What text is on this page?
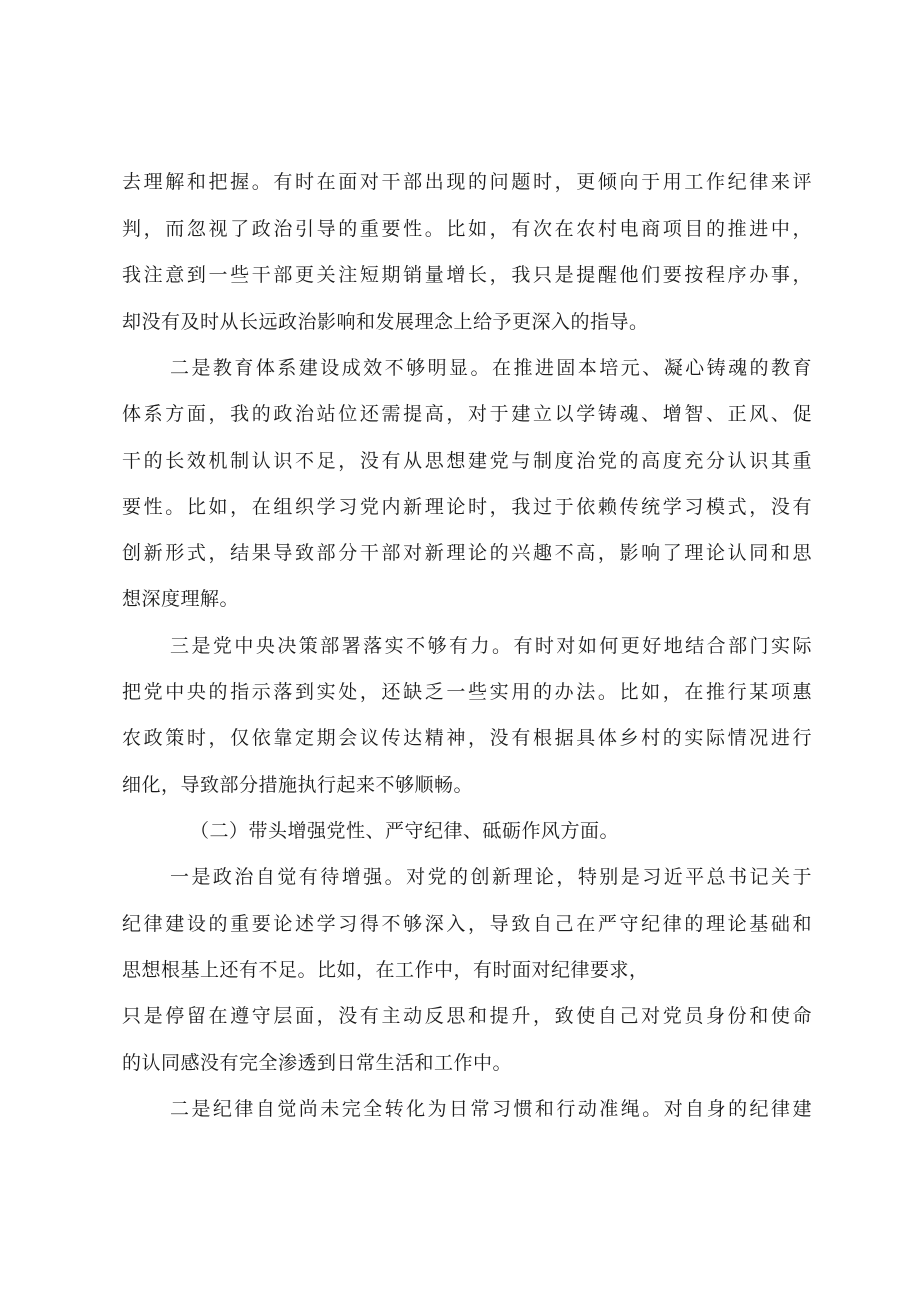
去理解和把握。有时在面对干部出现的问题时，更倾向于用工作纪律来评
判，而忽视了政治引导的重要性。比如，有次在农村电商项目的推进中，
我注意到一些干部更关注短期销量增长，我只是提醒他们要按程序办事，
却没有及时从长远政治影响和发展理念上给予更深入的指导。
二是教育体系建设成效不够明显。在推进固本培元、凝心铸魂的教育
体系方面，我的政治站位还需提高，对于建立以学铸魂、增智、正风、促
干的长效机制认识不足，没有从思想建党与制度治党的高度充分认识其重
要性。比如，在组织学习党内新理论时，我过于依赖传统学习模式，没有
创新形式，结果导致部分干部对新理论的兴趣不高，影响了理论认同和思
想深度理解。
三是党中央决策部署落实不够有力。有时对如何更好地结合部门实际
把党中央的指示落到实处，还缺乏一些实用的办法。比如，在推行某项惠
农政策时，仅依靠定期会议传达精神，没有根据具体乡村的实际情况进行
细化，导致部分措施执行起来不够顺畅。
（二）带头增强党性、严守纪律、砥砺作风方面。
一是政治自觉有待增强。对党的创新理论，特别是习近平总书记关于
纪律建设的重要论述学习得不够深入，导致自己在严守纪律的理论基础和
思想根基上还有不足。比如，在工作中，有时面对纪律要求，
只是停留在遵守层面，没有主动反思和提升，致使自己对党员身份和使命
的认同感没有完全渗透到日常生活和工作中。
二是纪律自觉尚未完全转化为日常习惯和行动准绳。对自身的纪律建
